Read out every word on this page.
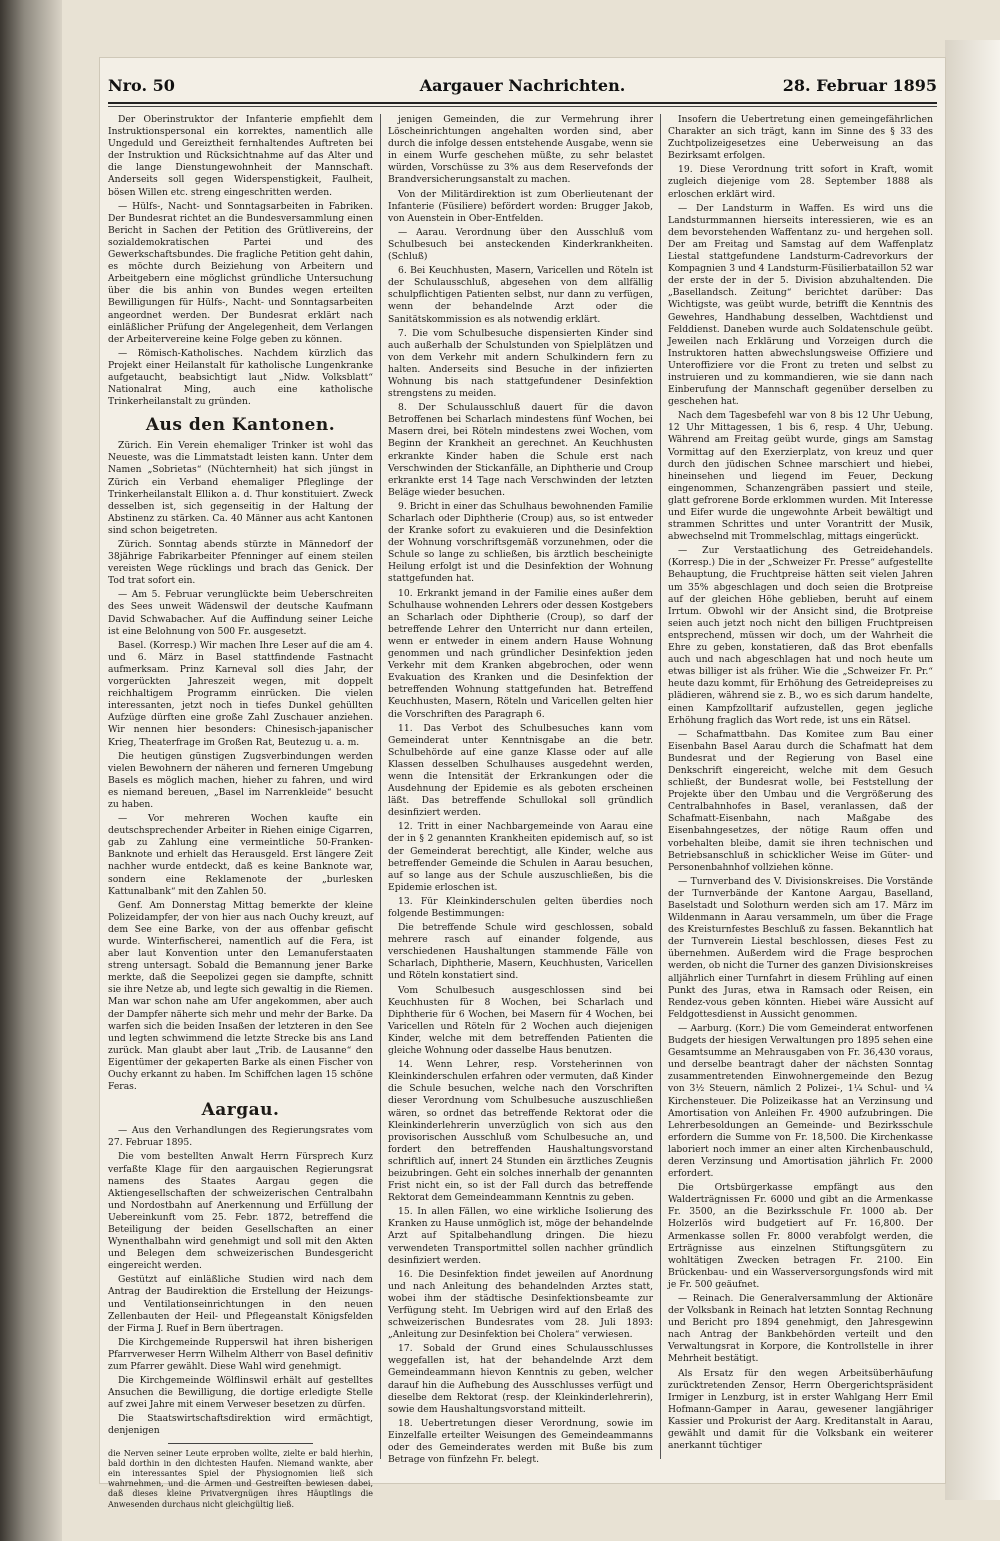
Nro. 50	Aargauer Nachrichten.	28. Februar 1895

Der Oberinstruktor der Infanterie empfiehlt dem Instruktionspersonal ein korrektes, namentlich alle Ungeduld und Gereiztheit fernhaltendes Auftreten bei der Instruktion und Rücksichtnahme auf das Alter und die lange Dienstungewohnheit der Mannschaft. Anderseits soll gegen Widerspenstigkeit, Faulheit, bösen Willen etc. streng eingeschritten werden.

— Hülfs-, Nacht- und Sonntagsarbeiten in Fabriken. Der Bundesrat richtet an die Bundesversammlung einen Bericht in Sachen der Petition des Grütlivereins, der sozialdemokratischen Partei und des Gewerkschaftsbundes. Die fragliche Petition geht dahin, es möchte durch Beiziehung von Arbeitern und Arbeitgebern eine möglichst gründliche Untersuchung über die bis anhin von Bundes wegen erteilten Bewilligungen für Hülfs-, Nacht- und Sonntagsarbeiten angeordnet werden. Der Bundesrat erklärt nach einläßlicher Prüfung der Angelegenheit, dem Verlangen der Arbeitervereine keine Folge geben zu können.

— Römisch-Katholisches. Nachdem kürzlich das Projekt einer Heilanstalt für katholische Lungenkranke aufgetaucht, beabsichtigt laut „Nidw. Volksblatt“ Nationalrat Ming, auch eine katholische Trinkerheilanstalt zu gründen.

Aus den Kantonen.

Zürich. Ein Verein ehemaliger Trinker ist wohl das Neueste, was die Limmatstadt leisten kann. Unter dem Namen „Sobrietas“ (Nüchternheit) hat sich jüngst in Zürich ein Verband ehemaliger Pfleglinge der Trinkerheilanstalt Ellikon a. d. Thur konstituiert. Zweck desselben ist, sich gegenseitig in der Haltung der Abstinenz zu stärken. Ca. 40 Männer aus acht Kantonen sind schon beigetreten.

Zürich. Sonntag abends stürzte in Männedorf der 38jährige Fabrikarbeiter Pfenninger auf einem steilen vereisten Wege rücklings und brach das Genick. Der Tod trat sofort ein.

— Am 5. Februar verunglückte beim Ueberschreiten des Sees unweit Wädenswil der deutsche Kaufmann David Schwabacher. Auf die Auffindung seiner Leiche ist eine Belohnung von 500 Fr. ausgesetzt.

Basel. (Korresp.) Wir machen Ihre Leser auf die am 4. und 6. März in Basel stattfindende Fastnacht aufmerksam. Prinz Karneval soll dies Jahr, der vorgerückten Jahreszeit wegen, mit doppelt reichhaltigem Programm einrücken. Die vielen interessanten, jetzt noch in tiefes Dunkel gehüllten Aufzüge dürften eine große Zahl Zuschauer anziehen. Wir nennen hier besonders: Chinesisch-japanischer Krieg, Theaterfrage im Großen Rat, Beutezug u. a. m.

Die heutigen günstigen Zugsverbindungen werden vielen Bewohnern der näheren und ferneren Umgebung Basels es möglich machen, hieher zu fahren, und wird es niemand bereuen, „Basel im Narrenkleide“ besucht zu haben.

— Vor mehreren Wochen kaufte ein deutschsprechender Arbeiter in Riehen einige Cigarren, gab zu Zahlung eine vermeintliche 50-Franken-Banknote und erhielt das Herausgeld. Erst längere Zeit nachher wurde entdeckt, daß es keine Banknote war, sondern eine Reklamenote der „burlesken Kattunalbank“ mit den Zahlen 50.

Genf. Am Donnerstag Mittag bemerkte der kleine Polizeidampfer, der von hier aus nach Ouchy kreuzt, auf dem See eine Barke, von der aus offenbar gefischt wurde. Winterfischerei, namentlich auf die Fera, ist aber laut Konvention unter den Lemanuferstaaten streng untersagt. Sobald die Bemannung jener Barke merkte, daß die Seepolizei gegen sie dampfte, schnitt sie ihre Netze ab, und legte sich gewaltig in die Riemen. Man war schon nahe am Ufer angekommen, aber auch der Dampfer näherte sich mehr und mehr der Barke. Da warfen sich die beiden Insaßen der letzteren in den See und legten schwimmend die letzte Strecke bis ans Land zurück. Man glaubt aber laut „Trib. de Lausanne“ den Eigentümer der gekaperten Barke als einen Fischer von Ouchy erkannt zu haben. Im Schiffchen lagen 15 schöne Feras.

Aargau.

— Aus den Verhandlungen des Regierungsrates vom 27. Februar 1895.

Die vom bestellten Anwalt Herrn Fürsprech Kurz verfaßte Klage für den aargauischen Regierungsrat namens des Staates Aargau gegen die Aktiengesellschaften der schweizerischen Centralbahn und Nordostbahn auf Anerkennung und Erfüllung der Uebereinkunft vom 25. Febr. 1872, betreffend die Beteiligung der beiden Gesellschaften an einer Wynenthalbahn wird genehmigt und soll mit den Akten und Belegen dem schweizerischen Bundesgericht eingereicht werden.

Gestützt auf einläßliche Studien wird nach dem Antrag der Baudirektion die Erstellung der Heizungs- und Ventilationseinrichtungen in den neuen Zellenbauten der Heil- und Pflegeanstalt Königsfelden der Firma J. Ruef in Bern übertragen.

Die Kirchgemeinde Rupperswil hat ihren bisherigen Pfarrverweser Herrn Wilhelm Altherr von Basel definitiv zum Pfarrer gewählt. Diese Wahl wird genehmigt.

Die Kirchgemeinde Wölflinswil erhält auf gestelltes Ansuchen die Bewilligung, die dortige erledigte Stelle auf zwei Jahre mit einem Verweser besetzen zu dürfen.

Die Staatswirtschaftsdirektion wird ermächtigt, denjenigen

die Nerven seiner Leute erproben wollte, zielte er bald hierhin, bald dorthin in den dichtesten Haufen. Niemand wankte, aber ein interessantes Spiel der Physiognomien ließ sich wahrnehmen, und die Armen und Gestreiften bewiesen dabei, daß dieses kleine Privatvergnügen ihres Häuptlings die Anwesenden durchaus nicht gleichgültig ließ.

jenigen Gemeinden, die zur Vermehrung ihrer Löscheinrichtungen angehalten worden sind, aber durch die infolge dessen entstehende Ausgabe, wenn sie in einem Wurfe geschehen müßte, zu sehr belastet würden, Vorschüsse zu 3% aus dem Reservefonds der Brandversicherungsanstalt zu machen.

Von der Militärdirektion ist zum Oberlieutenant der Infanterie (Füsiliere) befördert worden: Brugger Jakob, von Auenstein in Ober-Entfelden.

— Aarau. Verordnung über den Ausschluß vom Schulbesuch bei ansteckenden Kinderkrankheiten. (Schluß)

6. Bei Keuchhusten, Masern, Varicellen und Röteln ist der Schulausschluß, abgesehen von dem allfällig schulpflichtigen Patienten selbst, nur dann zu verfügen, wenn der behandelnde Arzt oder die Sanitätskommission es als notwendig erklärt.

7. Die vom Schulbesuche dispensierten Kinder sind auch außerhalb der Schulstunden von Spielplätzen und von dem Verkehr mit andern Schulkindern fern zu halten. Anderseits sind Besuche in der infizierten Wohnung bis nach stattgefundener Desinfektion strengstens zu meiden.

8. Der Schulausschluß dauert für die davon Betroffenen bei Scharlach mindestens fünf Wochen, bei Masern drei, bei Röteln mindestens zwei Wochen, vom Beginn der Krankheit an gerechnet. An Keuchhusten erkrankte Kinder haben die Schule erst nach Verschwinden der Stickanfälle, an Diphtherie und Croup erkrankte erst 14 Tage nach Verschwinden der letzten Beläge wieder besuchen.

9. Bricht in einer das Schulhaus bewohnenden Familie Scharlach oder Diphtherie (Croup) aus, so ist entweder der Kranke sofort zu evakuieren und die Desinfektion der Wohnung vorschriftsgemäß vorzunehmen, oder die Schule so lange zu schließen, bis ärztlich bescheinigte Heilung erfolgt ist und die Desinfektion der Wohnung stattgefunden hat.

10. Erkrankt jemand in der Familie eines außer dem Schulhause wohnenden Lehrers oder dessen Kostgebers an Scharlach oder Diphtherie (Croup), so darf der betreffende Lehrer den Unterricht nur dann erteilen, wenn er entweder in einem andern Hause Wohnung genommen und nach gründlicher Desinfektion jeden Verkehr mit dem Kranken abgebrochen, oder wenn Evakuation des Kranken und die Desinfektion der betreffenden Wohnung stattgefunden hat. Betreffend Keuchhusten, Masern, Röteln und Varicellen gelten hier die Vorschriften des Paragraph 6.

11. Das Verbot des Schulbesuches kann vom Gemeinderat unter Kenntnisgabe an die betr. Schulbehörde auf eine ganze Klasse oder auf alle Klassen desselben Schulhauses ausgedehnt werden, wenn die Intensität der Erkrankungen oder die Ausdehnung der Epidemie es als geboten erscheinen läßt. Das betreffende Schullokal soll gründlich desinfiziert werden.

12. Tritt in einer Nachbargemeinde von Aarau eine der in § 2 genannten Krankheiten epidemisch auf, so ist der Gemeinderat berechtigt, alle Kinder, welche aus betreffender Gemeinde die Schulen in Aarau besuchen, auf so lange aus der Schule auszuschließen, bis die Epidemie erloschen ist.

13. Für Kleinkinderschulen gelten überdies noch folgende Bestimmungen:

Die betreffende Schule wird geschlossen, sobald mehrere rasch auf einander folgende, aus verschiedenen Haushaltungen stammende Fälle von Scharlach, Diphtherie, Masern, Keuchhusten, Varicellen und Röteln konstatiert sind.

Vom Schulbesuch ausgeschlossen sind bei Keuchhusten für 8 Wochen, bei Scharlach und Diphtherie für 6 Wochen, bei Masern für 4 Wochen, bei Varicellen und Röteln für 2 Wochen auch diejenigen Kinder, welche mit dem betreffenden Patienten die gleiche Wohnung oder dasselbe Haus benutzen.

14. Wenn Lehrer, resp. Vorsteherinnen von Kleinkinderschulen erfahren oder vermuten, daß Kinder die Schule besuchen, welche nach den Vorschriften dieser Verordnung vom Schulbesuche auszuschließen wären, so ordnet das betreffende Rektorat oder die Kleinkinderlehrerin unverzüglich von sich aus den provisorischen Ausschluß vom Schulbesuche an, und fordert den betreffenden Haushaltungsvorstand schriftlich auf, innert 24 Stunden ein ärztliches Zeugnis beizubringen. Geht ein solches innerhalb der genannten Frist nicht ein, so ist der Fall durch das betreffende Rektorat dem Gemeindeammann Kenntnis zu geben.

15. In allen Fällen, wo eine wirkliche Isolierung des Kranken zu Hause unmöglich ist, möge der behandelnde Arzt auf Spitalbehandlung dringen. Die hiezu verwendeten Transportmittel sollen nachher gründlich desinfiziert werden.

16. Die Desinfektion findet jeweilen auf Anordnung und nach Anleitung des behandelnden Arztes statt, wobei ihm der städtische Desinfektionsbeamte zur Verfügung steht. Im Uebrigen wird auf den Erlaß des schweizerischen Bundesrates vom 28. Juli 1893: „Anleitung zur Desinfektion bei Cholera“ verwiesen.

17. Sobald der Grund eines Schulausschlusses weggefallen ist, hat der behandelnde Arzt dem Gemeindeammann hievon Kenntnis zu geben, welcher darauf hin die Aufhebung des Ausschlusses verfügt und dieselbe dem Rektorat (resp. der Kleinkinderlehrerin), sowie dem Haushaltungsvorstand mitteilt.

18. Uebertretungen dieser Verordnung, sowie im Einzelfalle erteilter Weisungen des Gemeindeammanns oder des Gemeinderates werden mit Buße bis zum Betrage von fünfzehn Fr. belegt.

Insofern die Uebertretung einen gemeingefährlichen Charakter an sich trägt, kann im Sinne des § 33 des Zuchtpolizeigesetzes eine Ueberweisung an das Bezirksamt erfolgen.

19. Diese Verordnung tritt sofort in Kraft, womit zugleich diejenige vom 28. September 1888 als erloschen erklärt wird.

— Der Landsturm in Waffen. Es wird uns die Landsturmmannen hierseits interessieren, wie es an dem bevorstehenden Waffentanz zu- und hergehen soll. Der am Freitag und Samstag auf dem Waffenplatz Liestal stattgefundene Landsturm-Cadrevorkurs der Kompagnien 3 und 4 Landsturm-Füsilierbataillon 52 war der erste der in der 5. Division abzuhaltenden. Die „Basellandsch. Zeitung“ berichtet darüber: Das Wichtigste, was geübt wurde, betrifft die Kenntnis des Gewehres, Handhabung desselben, Wachtdienst und Felddienst. Daneben wurde auch Soldatenschule geübt. Jeweilen nach Erklärung und Vorzeigen durch die Instruktoren hatten abwechslungsweise Offiziere und Unteroffiziere vor die Front zu treten und selbst zu instruieren und zu kommandieren, wie sie dann nach Einberufung der Mannschaft gegenüber derselben zu geschehen hat.

Nach dem Tagesbefehl war von 8 bis 12 Uhr Uebung, 12 Uhr Mittagessen, 1 bis 6, resp. 4 Uhr, Uebung. Während am Freitag geübt wurde, gings am Samstag Vormittag auf den Exerzierplatz, von kreuz und quer durch den jüdischen Schnee marschiert und hiebei, hineinsehen und liegend im Feuer, Deckung eingenommen, Schanzengräben passiert und steile, glatt gefrorene Borde erklommen wurden. Mit Interesse und Eifer wurde die ungewohnte Arbeit bewältigt und strammen Schrittes und unter Vorantritt der Musik, abwechselnd mit Trommelschlag, mittags eingerückt.

— Zur Verstaatlichung des Getreidehandels. (Korresp.) Die in der „Schweizer Fr. Presse“ aufgestellte Behauptung, die Fruchtpreise hätten seit vielen Jahren um 35% abgeschlagen und doch seien die Brotpreise auf der gleichen Höhe geblieben, beruht auf einem Irrtum. Obwohl wir der Ansicht sind, die Brotpreise seien auch jetzt noch nicht den billigen Fruchtpreisen entsprechend, müssen wir doch, um der Wahrheit die Ehre zu geben, konstatieren, daß das Brot ebenfalls auch und nach abgeschlagen hat und noch heute um etwas billiger ist als früher. Wie die „Schweizer Fr. Pr.“ heute dazu kommt, für Erhöhung des Getreidepreises zu plädieren, während sie z. B., wo es sich darum handelte, einen Kampfzolltarif aufzustellen, gegen jegliche Erhöhung fraglich das Wort rede, ist uns ein Rätsel.

— Schafmattbahn. Das Komitee zum Bau einer Eisenbahn Basel Aarau durch die Schafmatt hat dem Bundesrat und der Regierung von Basel eine Denkschrift eingereicht, welche mit dem Gesuch schließt, der Bundesrat wolle, bei Feststellung der Projekte über den Umbau und die Vergrößerung des Centralbahnhofes in Basel, veranlassen, daß der Schafmatt-Eisenbahn, nach Maßgabe des Eisenbahngesetzes, der nötige Raum offen und vorbehalten bleibe, damit sie ihren technischen und Betriebsanschluß in schicklicher Weise im Güter- und Personenbahnhof vollziehen könne.

— Turnverband des V. Divisionskreises. Die Vorstände der Turnverbände der Kantone Aargau, Baselland, Baselstadt und Solothurn werden sich am 17. März im Wildenmann in Aarau versammeln, um über die Frage des Kreisturnfestes Beschluß zu fassen. Bekanntlich hat der Turnverein Liestal beschlossen, dieses Fest zu übernehmen. Außerdem wird die Frage besprochen werden, ob nicht die Turner des ganzen Divisionskreises alljährlich einer Turnfahrt in diesem Frühling auf einen Punkt des Juras, etwa in Ramsach oder Reisen, ein Rendez-vous geben könnten. Hiebei wäre Aussicht auf Feldgottesdienst in Aussicht genommen.

— Aarburg. (Korr.) Die vom Gemeinderat entworfenen Budgets der hiesigen Verwaltungen pro 1895 sehen eine Gesamtsumme an Mehrausgaben von Fr. 36,430 voraus, und derselbe beantragt daher der nächsten Sonntag zusammentretenden Einwohnergemeinde den Bezug von 3½ Steuern, nämlich 2 Polizei-, 1¼ Schul- und ¼ Kirchensteuer. Die Polizeikasse hat an Verzinsung und Amortisation von Anleihen Fr. 4900 aufzubringen. Die Lehrerbesoldungen an Gemeinde- und Bezirksschule erfordern die Summe von Fr. 18,500. Die Kirchenkasse laboriert noch immer an einer alten Kirchenbauschuld, deren Verzinsung und Amortisation jährlich Fr. 2000 erfordert.

Die Ortsbürgerkasse empfängt aus den Walderträgnissen Fr. 6000 und gibt an die Armenkasse Fr. 3500, an die Bezirksschule Fr. 1000 ab. Der Holzerlös wird budgetiert auf Fr. 16,800. Der Armenkasse sollen Fr. 8000 verabfolgt werden, die Erträgnisse aus einzelnen Stiftungsgütern zu wohltätigen Zwecken betragen Fr. 2100. Ein Brückenbau- und ein Wasserversorgungsfonds wird mit je Fr. 500 geäufnet.

— Reinach. Die Generalversammlung der Aktionäre der Volksbank in Reinach hat letzten Sonntag Rechnung und Bericht pro 1894 genehmigt, den Jahresgewinn nach Antrag der Bankbehörden verteilt und den Verwaltungsrat in Korpore, die Kontrollstelle in ihrer Mehrheit bestätigt.

Als Ersatz für den wegen Arbeitsüberhäufung zurücktretenden Zensor, Herrn Obergerichtspräsident Irmiger in Lenzburg, ist in erster Wahlgang Herr Emil Hofmann-Gamper in Aarau, gewesener langjähriger Kassier und Prokurist der Aarg. Kreditanstalt in Aarau, gewählt und damit für die Volksbank ein weiterer anerkannt tüchtiger
